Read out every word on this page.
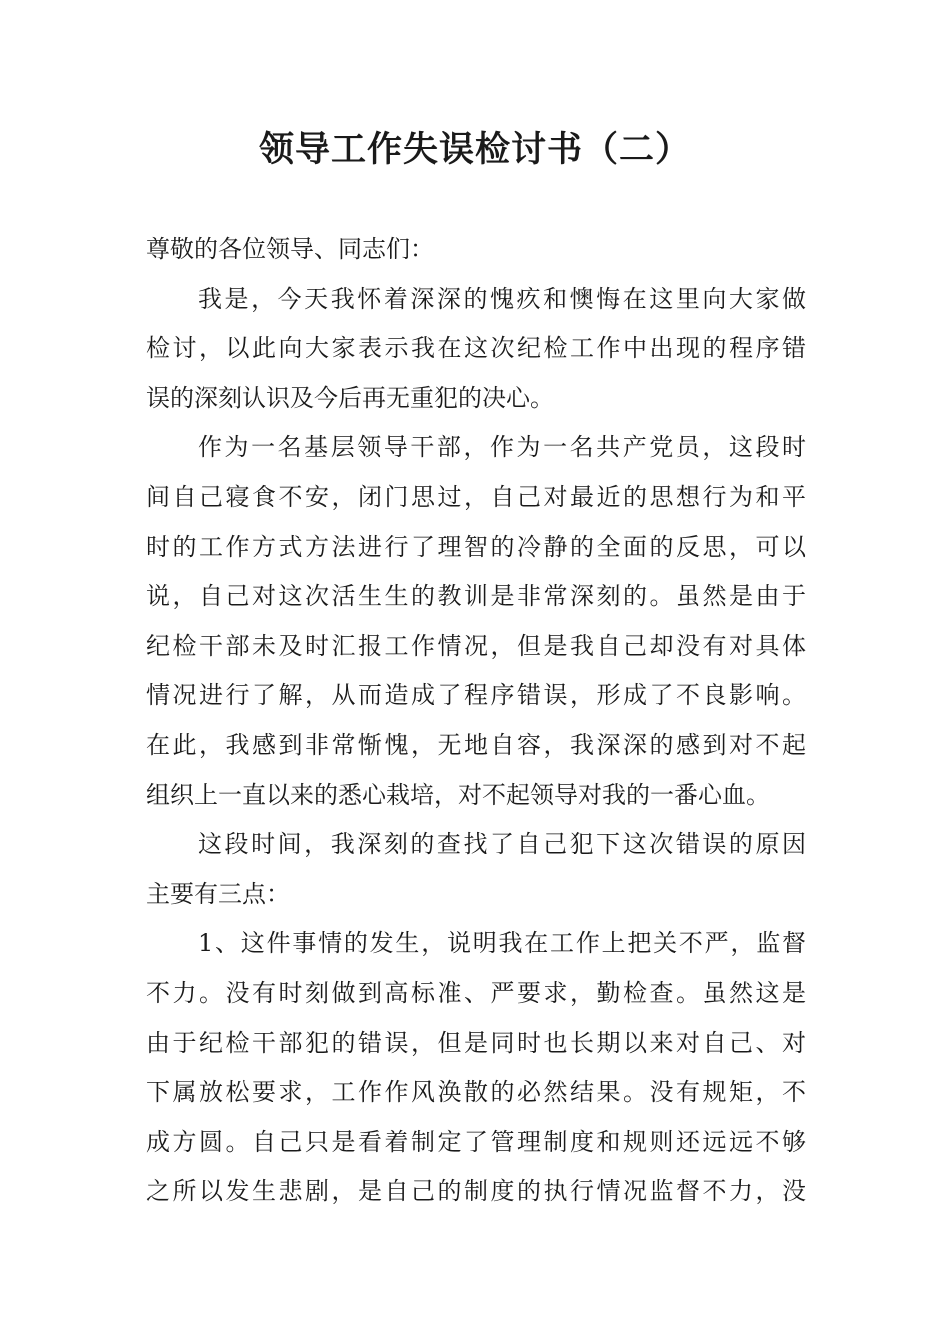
领导工作失误检讨书（二）
尊敬的各位领导、同志们：
我是，今天我怀着深深的愧疚和懊悔在这里向大家做
检讨，以此向大家表示我在这次纪检工作中出现的程序错
误的深刻认识及今后再无重犯的决心。
作为一名基层领导干部，作为一名共产党员，这段时
间自己寝食不安，闭门思过，自己对最近的思想行为和平
时的工作方式方法进行了理智的冷静的全面的反思，可以
说，自己对这次活生生的教训是非常深刻的。虽然是由于
纪检干部未及时汇报工作情况，但是我自己却没有对具体
情况进行了解，从而造成了程序错误，形成了不良影响。
在此，我感到非常惭愧，无地自容，我深深的感到对不起
组织上一直以来的悉心栽培，对不起领导对我的一番心血。
这段时间，我深刻的查找了自己犯下这次错误的原因
主要有三点：
1、这件事情的发生，说明我在工作上把关不严，监督
不力。没有时刻做到高标准、严要求，勤检查。虽然这是
由于纪检干部犯的错误，但是同时也长期以来对自己、对
下属放松要求，工作作风涣散的必然结果。没有规矩，不
成方圆。自己只是看着制定了管理制度和规则还远远不够
之所以发生悲剧，是自己的制度的执行情况监督不力，没
